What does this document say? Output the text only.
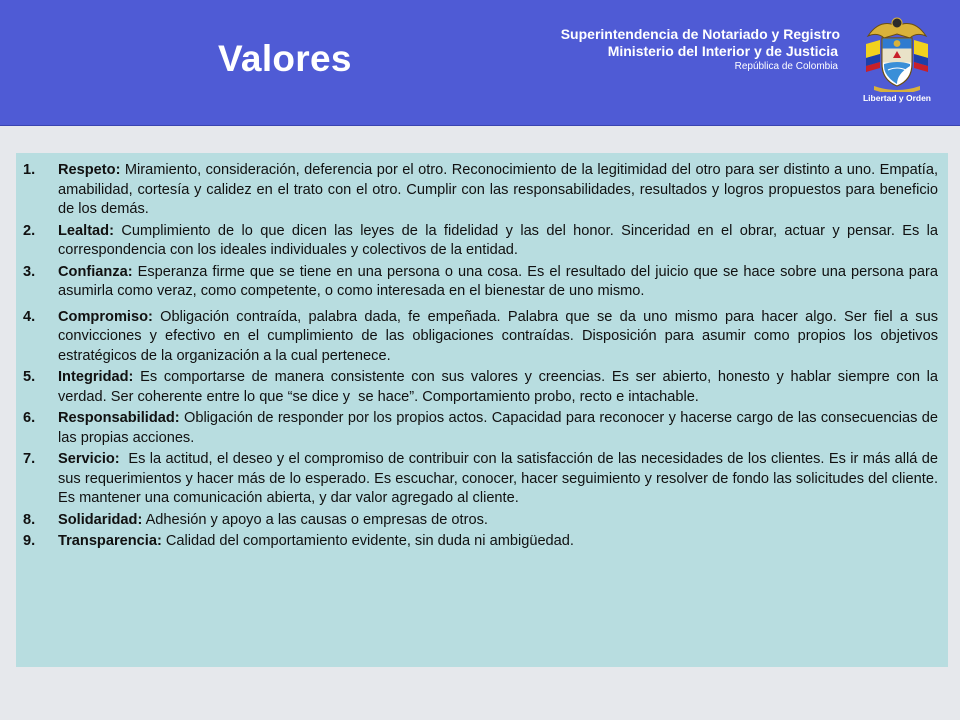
Valores
Superintendencia de Notariado y Registro
Ministerio del Interior y de Justicia
República de Colombia
Libertad y Orden
1. Respeto: Miramiento, consideración, deferencia por el otro. Reconocimiento de la legitimidad del otro para ser distinto a uno. Empatía, amabilidad, cortesía y calidez en el trato con el otro. Cumplir con las responsabilidades, resultados y logros propuestos para beneficio de los demás.
2. Lealtad: Cumplimiento de lo que dicen las leyes de la fidelidad y las del honor. Sinceridad en el obrar, actuar y pensar. Es la correspondencia con los ideales individuales y colectivos de la entidad.
3. Confianza: Esperanza firme que se tiene en una persona o una cosa. Es el resultado del juicio que se hace sobre una persona para asumirla como veraz, como competente, o como interesada en el bienestar de uno mismo.
4. Compromiso: Obligación contraída, palabra dada, fe empeñada. Palabra que se da uno mismo para hacer algo. Ser fiel a sus convicciones y efectivo en el cumplimiento de las obligaciones contraídas. Disposición para asumir como propios los objetivos estratégicos de la organización a la cual pertenece.
5. Integridad: Es comportarse de manera consistente con sus valores y creencias. Es ser abierto, honesto y hablar siempre con la verdad. Ser coherente entre lo que “se dice y  se hace”. Comportamiento probo, recto e intachable.
6. Responsabilidad: Obligación de responder por los propios actos. Capacidad para reconocer y hacerse cargo de las consecuencias de las propias acciones.
7. Servicio:  Es la actitud, el deseo y el compromiso de contribuir con la satisfacción de las necesidades de los clientes. Es ir más allá de sus requerimientos y hacer más de lo esperado. Es escuchar, conocer, hacer seguimiento y resolver de fondo las solicitudes del cliente. Es mantener una comunicación abierta, y dar valor agregado al cliente.
8. Solidaridad: Adhesión y apoyo a las causas o empresas de otros.
9. Transparencia: Calidad del comportamiento evidente, sin duda ni ambigüedad.
